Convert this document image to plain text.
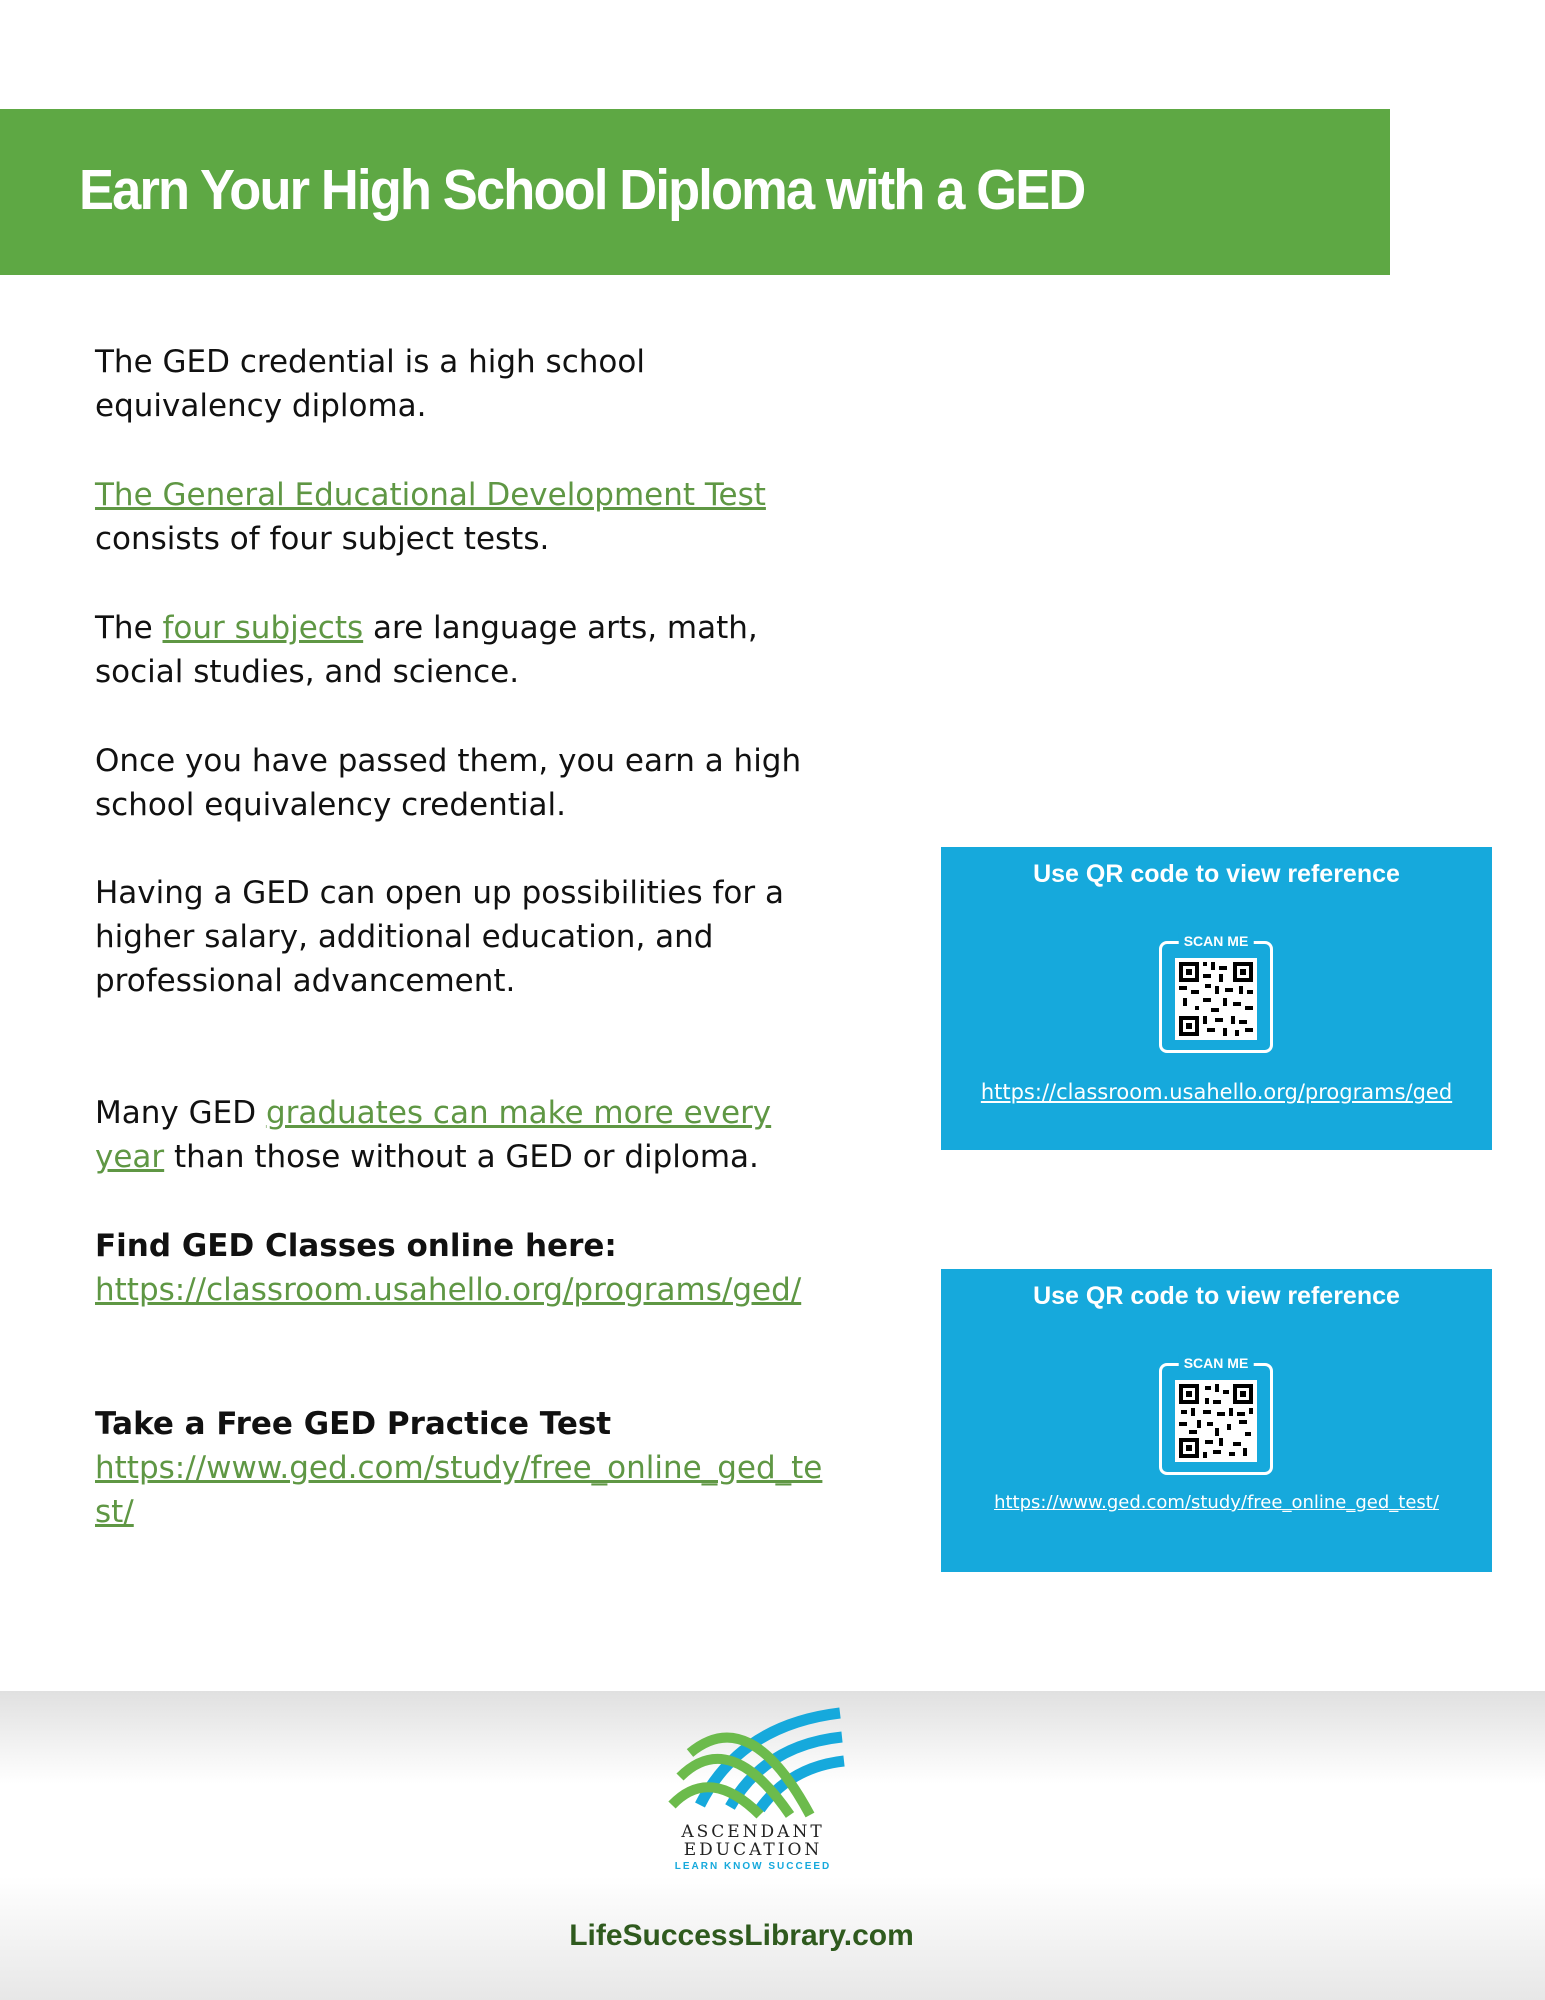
Earn Your High School Diploma with a GED

The GED credential is a high school equivalency diploma.

The General Educational Development Test
consists of four subject tests.

The four subjects are language arts, math, social studies, and science.

Once you have passed them, you earn a high school equivalency credential.

Having a GED can open up possibilities for a higher salary, additional education, and professional advancement.

Many GED graduates can make more every year than those without a GED or diploma.

Find GED Classes online here:

https://classroom.usahello.org/programs/ged/

Take a Free GED Practice Test

https://www.ged.com/study/free_online_ged_test/

Use QR code to view reference
SCAN ME
https://classroom.usahello.org/programs/ged
Use QR code to view reference
SCAN ME
https://www.ged.com/study/free_online_ged_test/
ASCENDANT EDUCATION
LEARN KNOW SUCCEED
LifeSuccessLibrary.com
